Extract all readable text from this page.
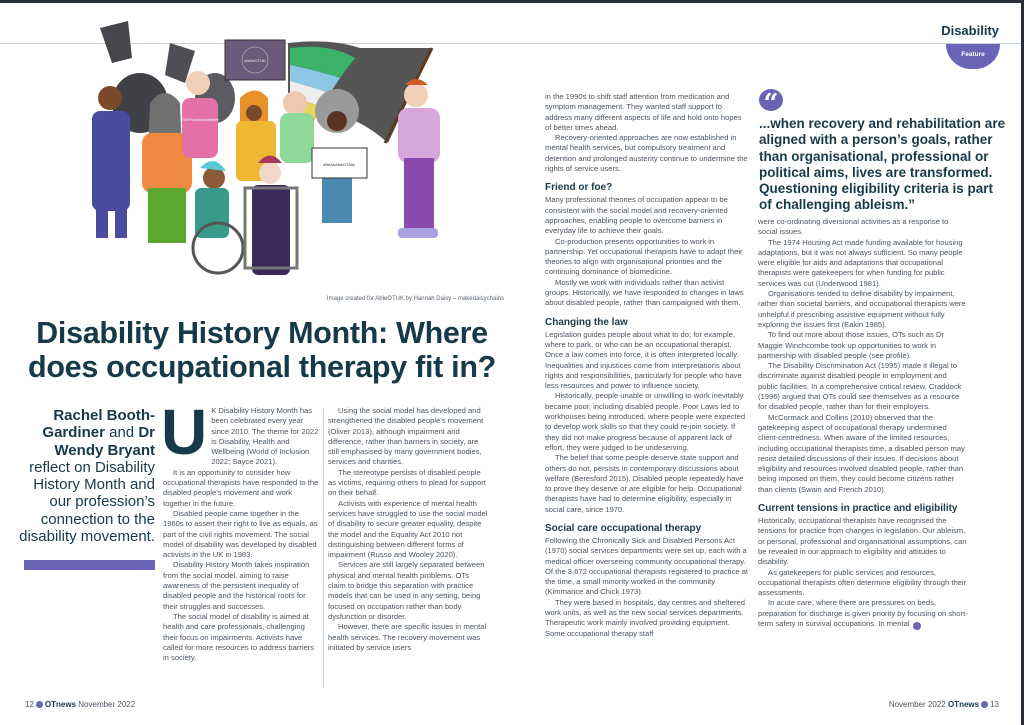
#AbleOTUK
#TheFutureIsAccessible
#BeAnAbleOTAlly
Image created for AbleOTUK by Hannah Daisy – makedaisychains
Disability History Month: Where does occupational therapy fit in?
Rachel Booth-Gardiner and Dr Wendy Bryant reflect on Disability History Month and our profession’s connection to the disability movement.
U K Disability History Month has been celebrated every year since 2010. The theme for 2022 is Disability, Health and Wellbeing (World of Inclusion 2022; Sayce 2021).

It is an opportunity to consider how occupational therapists have responded to the disabled people’s movement and work together in the future.

Disabled people came together in the 1960s to assert their right to live as equals, as part of the civil rights movement. The social model of disability was developed by disabled activists in the UK in 1983.

Disability History Month takes inspiration from the social model, aiming to raise awareness of the persistent inequality of disabled people and the historical roots for their struggles and successes.

The social model of disability is aimed at health and care professionals, challenging their focus on impairments. Activists have called for more resources to address barriers in society.

Using the social model has developed and strengthened the disabled people’s movement (Oliver 2013), although impairment and difference, rather than barriers in society, are still emphasised by many government bodies, services and charities.

The stereotype persists of disabled people as victims, requiring others to plead for support on their behalf.

Activists with experience of mental health services have struggled to use the social model of disability to secure greater equality, despite the model and the Equality Act 2010 not distinguishing between different forms of impairment (Russo and Wooley 2020).

Services are still largely separated between physical and mental health problems. OTs claim to bridge this separation with practice models that can be used in any setting, being focused on occupation rather than body dysfunction or disorder.

However, there are specific issues in mental health services. The recovery movement was initiated by service users

12 OTnews November 2022
Disability
Feature

in the 1990s to shift staff attention from medication and symptom management. They wanted staff support to address many different aspects of life and hold onto hopes of better times ahead.

Recovery-oriented approaches are now established in mental health services, but compulsory treatment and detention and prolonged austerity continue to undermine the rights of service users.

Friend or foe?

Many professional theories of occupation appear to be consistent with the social model and recovery-oriented approaches, enabling people to overcome barriers in everyday life to achieve their goals.

Co-production presents opportunities to work in partnership. Yet occupational therapists have to adapt their theories to align with organisational priorities and the continuing dominance of biomedicine.

Mostly we work with individuals rather than activist groups. Historically, we have responded to changes in laws about disabled people, rather than campaigned with them.

Changing the law

Legislation guides people about what to do; for example, where to park, or who can be an occupational therapist. Once a law comes into force, it is often interpreted locally. Inequalities and injustices come from interpretations about rights and responsibilities, particularly for people who have less resources and power to influence society.

Historically, people unable or unwilling to work inevitably became poor, including disabled people. Poor Laws led to workhouses being introduced, where people were expected to develop work skills so that they could re-join society. If they did not make progress because of apparent lack of effort, they were judged to be undeserving.

The belief that some people deserve state support and others do not, persists in contemporary discussions about welfare (Beresford 2015). Disabled people repeatedly have to prove they deserve or are eligible for help. Occupational therapists have had to determine eligibility, especially in social care, since 1970.

Social care occupational therapy

Following the Chronically Sick and Disabled Persons Act (1970) social services departments were set up, each with a medical officer overseeing community occupational therapy. Of the 3,672 occupational therapists registered to practice at the time, a small minority worked in the community (Kimmance and Chick 1973).

They were based in hospitals, day centres and sheltered work units, as well as the new social services departments. Therapeutic work mainly involved providing equipment. Some occupational therapy staff

“
...when recovery and rehabilitation are aligned with a person’s goals, rather than organisational, professional or political aims, lives are transformed. Questioning eligibility criteria is part of challenging ableism.”

were co-ordinating diversional activities as a response to social issues.

The 1974 Housing Act made funding available for housing adaptations, but it was not always sufficient. So many people were eligible for aids and adaptations that occupational therapists were gatekeepers for when funding for public services was cut (Underwood 1981).

Organisations tended to define disability by impairment, rather than societal barriers, and occupational therapists were unhelpful if prescribing assistive equipment without fully exploring the issues first (Eakin 1985).

To find out more about those issues, OTs such as Dr Maggie Winchcombe took up opportunities to work in partnership with disabled people (see profile).

The Disability Discrimination Act (1995) made it illegal to discriminate against disabled people in employment and public facilities. In a comprehensive critical review, Craddock (1996) argued that OTs could see themselves as a resource for disabled people, rather than for their employers.

McCormack and Collins (2010) observed that the gatekeeping aspect of occupational therapy undermined client-centredness. When aware of the limited resources, including occupational therapists time, a disabled person may resist detailed discussions of their issues. If decisions about eligibility and resources involved disabled people, rather than being imposed on them, they could become citizens rather than clients (Swain and French 2010).

Current tensions in practice and eligibility

Historically, occupational therapists have recognised the tensions for practice from changes in legislation. Our ableism, or personal, professional and organisational assumptions, can be revealed in our approach to eligibility and attitudes to disability.

As gatekeepers for public services and resources, occupational therapists often determine eligibility through their assessments.

In acute care, where there are pressures on beds, preparation for discharge is given priority by focusing on short-term safety in survival occupations. In mental ›

November 2022 OTnews 13
